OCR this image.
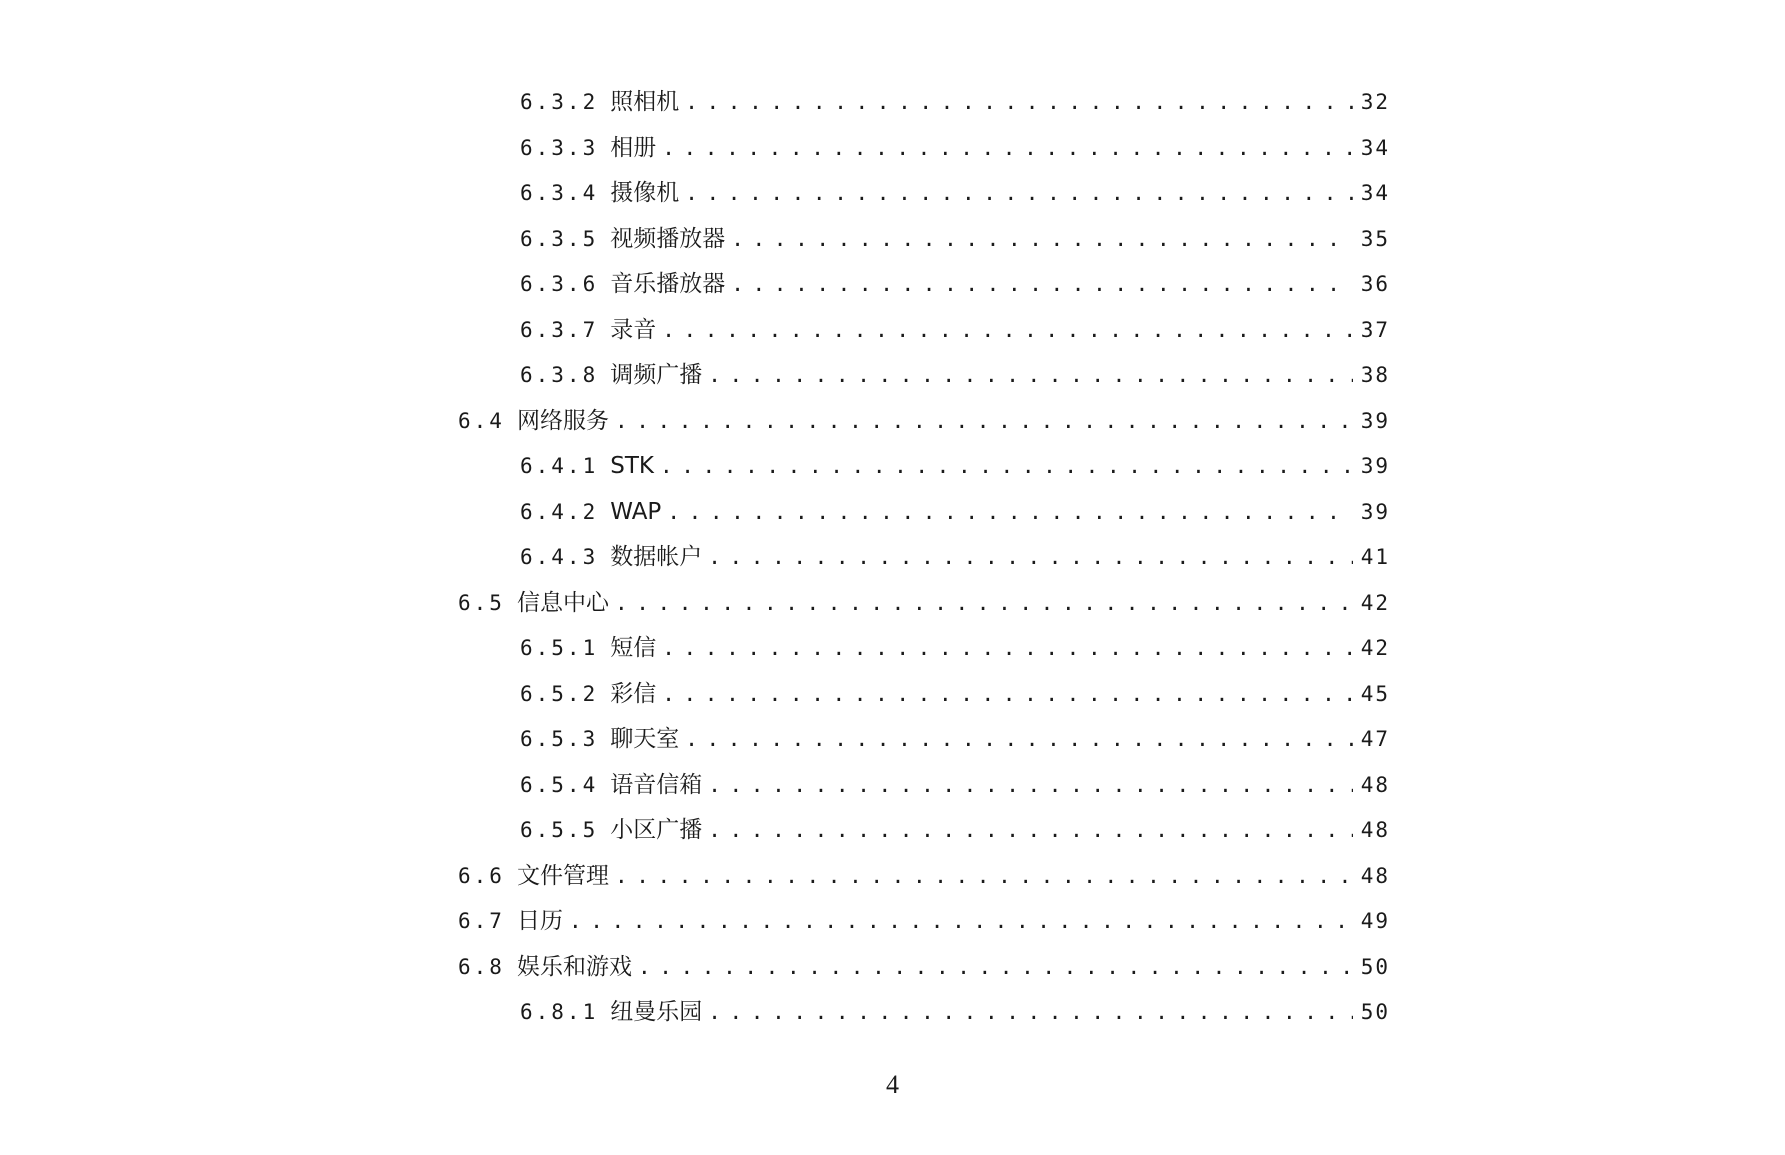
6.3.2 照相机 . . .	32
6.3.3 相册 . . .	34
6.3.4 摄像机 . . .	34
6.3.5 视频播放器 . . .	35
6.3.6 音乐播放器 . . .	36
6.3.7 录音 . . .	37
6.3.8 调频广播 . . .	38
6.4 网络服务 . . .	39
6.4.1 STK . . .	39
6.4.2 WAP . . .	39
6.4.3 数据帐户 . . .	41
6.5 信息中心 . . .	42
6.5.1 短信 . . .	42
6.5.2 彩信 . . .	45
6.5.3 聊天室 . . .	47
6.5.4 语音信箱 . . .	48
6.5.5 小区广播 . . .	48
6.6 文件管理 . . .	48
6.7 日历 . . .	49
6.8 娱乐和游戏 . . .	50
6.8.1 纽曼乐园 . . .	50
4
